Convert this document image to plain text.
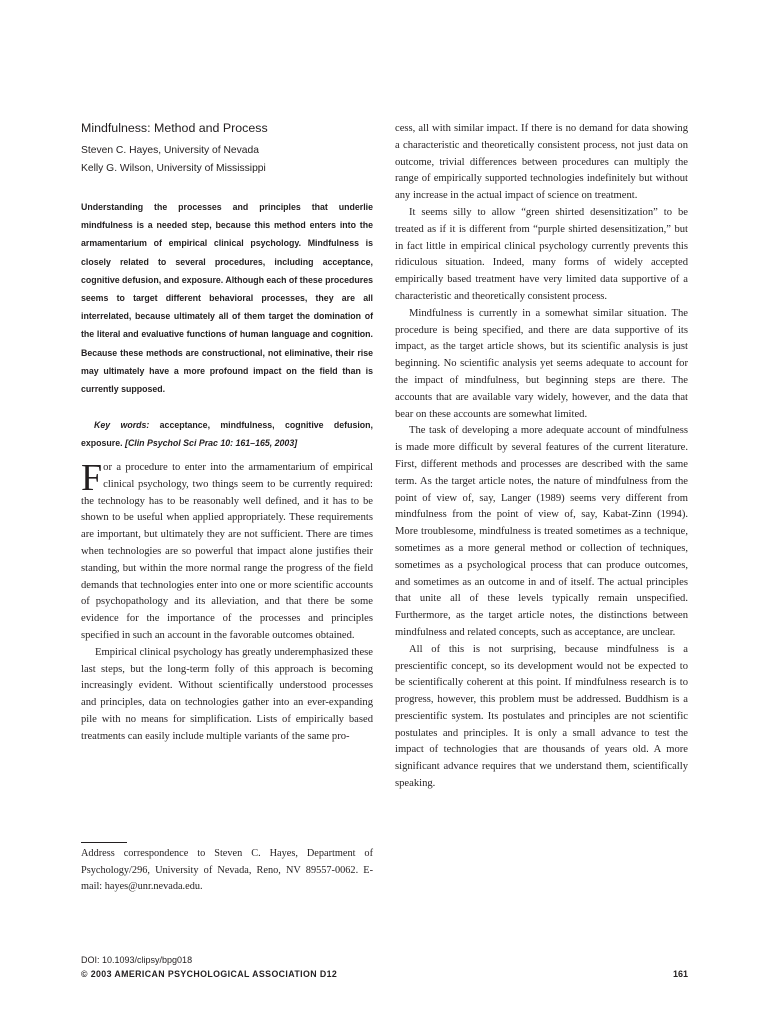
Mindfulness: Method and Process
Steven C. Hayes, University of Nevada
Kelly G. Wilson, University of Mississippi

Understanding the processes and principles that underlie mindfulness is a needed step, because this method enters into the armamentarium of empirical clinical psychology. Mindfulness is closely related to several procedures, including acceptance, cognitive defusion, and exposure. Although each of these procedures seems to target different behavioral processes, they are all interrelated, because ultimately all of them target the domination of the literal and evaluative functions of human language and cognition. Because these methods are constructional, not eliminative, their rise may ultimately have a more profound impact on the field than is currently supposed.

Key words: acceptance, mindfulness, cognitive defusion, exposure. [Clin Psychol Sci Prac 10: 161–165, 2003]

For a procedure to enter into the armamentarium of empirical clinical psychology, two things seem to be currently required: the technology has to be reasonably well defined, and it has to be shown to be useful when applied appropriately. These requirements are important, but ultimately they are not sufficient. There are times when technologies are so powerful that impact alone justifies their standing, but within the more normal range the progress of the field demands that technologies enter into one or more scientific accounts of psychopathology and its alleviation, and that there be some evidence for the importance of the processes and principles specified in such an account in the favorable outcomes obtained.

Empirical clinical psychology has greatly underemphasized these last steps, but the long-term folly of this approach is becoming increasingly evident. Without scientifically understood processes and principles, data on technologies gather into an ever-expanding pile with no means for simplification. Lists of empirically based treatments can easily include multiple variants of the same pro-

Address correspondence to Steven C. Hayes, Department of Psychology/296, University of Nevada, Reno, NV 89557-0062. E-mail: hayes@unr.nevada.edu.

cess, all with similar impact. If there is no demand for data showing a characteristic and theoretically consistent process, not just data on outcome, trivial differences between procedures can multiply the range of empirically supported technologies indefinitely but without any increase in the actual impact of science on treatment.

It seems silly to allow “green shirted desensitization” to be treated as if it is different from “purple shirted desensitization,” but in fact little in empirical clinical psychology currently prevents this ridiculous situation. Indeed, many forms of widely accepted empirically based treatment have very limited data supportive of a characteristic and theoretically consistent process.

Mindfulness is currently in a somewhat similar situation. The procedure is being specified, and there are data supportive of its impact, as the target article shows, but its scientific analysis is just beginning. No scientific analysis yet seems adequate to account for the impact of mindfulness, but beginning steps are there. The accounts that are available vary widely, however, and the data that bear on these accounts are somewhat limited.

The task of developing a more adequate account of mindfulness is made more difficult by several features of the current literature. First, different methods and processes are described with the same term. As the target article notes, the nature of mindfulness from the point of view of, say, Langer (1989) seems very different from mindfulness from the point of view of, say, Kabat-Zinn (1994). More troublesome, mindfulness is treated sometimes as a technique, sometimes as a more general method or collection of techniques, sometimes as a psychological process that can produce outcomes, and sometimes as an outcome in and of itself. The actual principles that unite all of these levels typically remain unspecified. Furthermore, as the target article notes, the distinctions between mindfulness and related concepts, such as acceptance, are unclear.

All of this is not surprising, because mindfulness is a prescientific concept, so its development would not be expected to be scientifically coherent at this point. If mindfulness research is to progress, however, this problem must be addressed. Buddhism is a prescientific system. Its postulates and principles are not scientific postulates and principles. It is only a small advance to test the impact of technologies that are thousands of years old. A more significant advance requires that we understand them, scientifically speaking.

DOI: 10.1093/clipsy/bpg018
© 2003 AMERICAN PSYCHOLOGICAL ASSOCIATION D12	161
